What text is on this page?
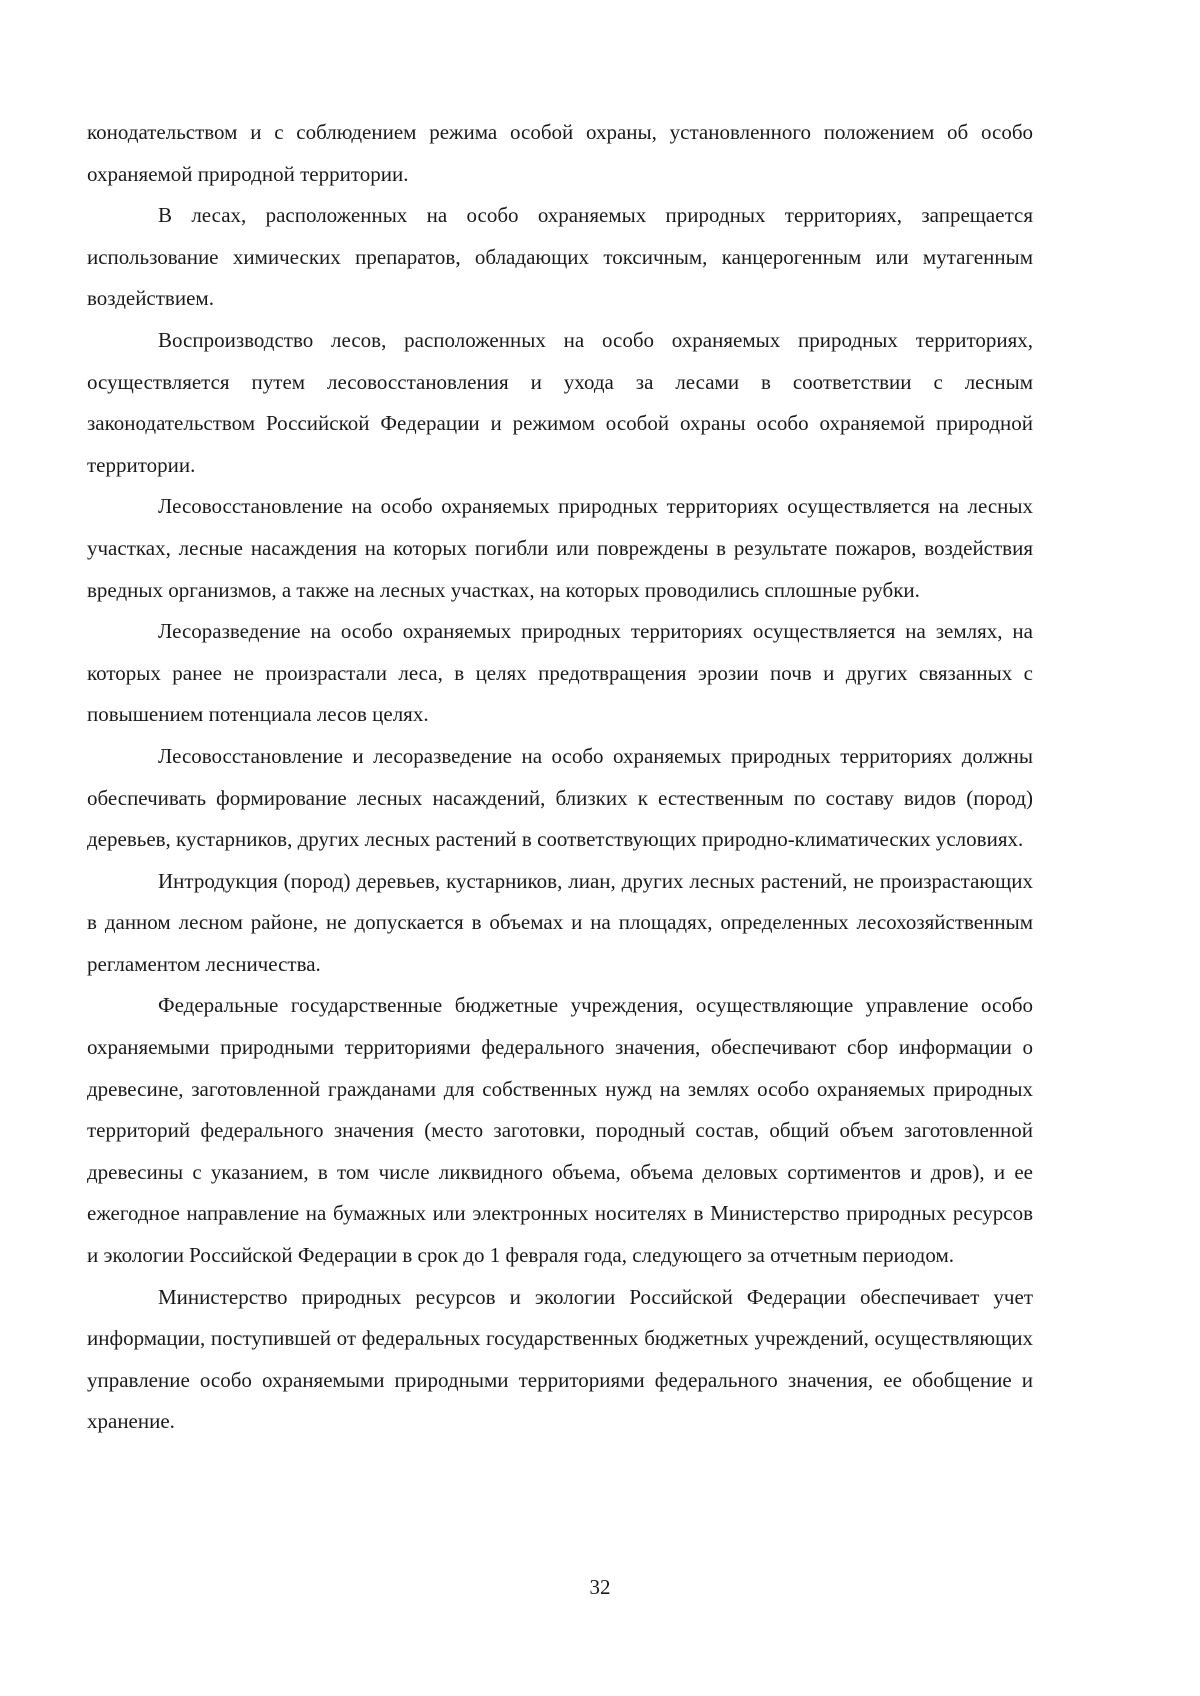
конодательством и с соблюдением режима особой охраны, установленного положением об особо охраняемой природной территории.

В лесах, расположенных на особо охраняемых природных территориях, запрещается использование химических препаратов, обладающих токсичным, канцерогенным или мутагенным воздействием.

Воспроизводство лесов, расположенных на особо охраняемых природных территориях, осуществляется путем лесовосстановления и ухода за лесами в соответствии с лесным законодательством Российской Федерации и режимом особой охраны особо охраняемой природной территории.

Лесовосстановление на особо охраняемых природных территориях осуществляется на лесных участках, лесные насаждения на которых погибли или повреждены в результате пожаров, воздействия вредных организмов, а также на лесных участках, на которых проводились сплошные рубки.

Лесоразведение на особо охраняемых природных территориях осуществляется на землях, на которых ранее не произрастали леса, в целях предотвращения эрозии почв и других связанных с повышением потенциала лесов целях.

Лесовосстановление и лесоразведение на особо охраняемых природных территориях должны обеспечивать формирование лесных насаждений, близких к естественным по составу видов (пород) деревьев, кустарников, других лесных растений в соответствующих природно-климатических условиях.

Интродукция (пород) деревьев, кустарников, лиан, других лесных растений, не произрастающих в данном лесном районе, не допускается в объемах и на площадях, определенных лесохозяйственным регламентом лесничества.

Федеральные государственные бюджетные учреждения, осуществляющие управление особо охраняемыми природными территориями федерального значения, обеспечивают сбор информации о древесине, заготовленной гражданами для собственных нужд на землях особо охраняемых природных территорий федерального значения (место заготовки, породный состав, общий объем заготовленной древесины с указанием, в том числе ликвидного объема, объема деловых сортиментов и дров), и ее ежегодное направление на бумажных или электронных носителях в Министерство природных ресурсов и экологии Российской Федерации в срок до 1 февраля года, следующего за отчетным периодом.

Министерство природных ресурсов и экологии Российской Федерации обеспечивает учет информации, поступившей от федеральных государственных бюджетных учреждений, осуществляющих управление особо охраняемыми природными территориями федерального значения, ее обобщение и хранение.

32
